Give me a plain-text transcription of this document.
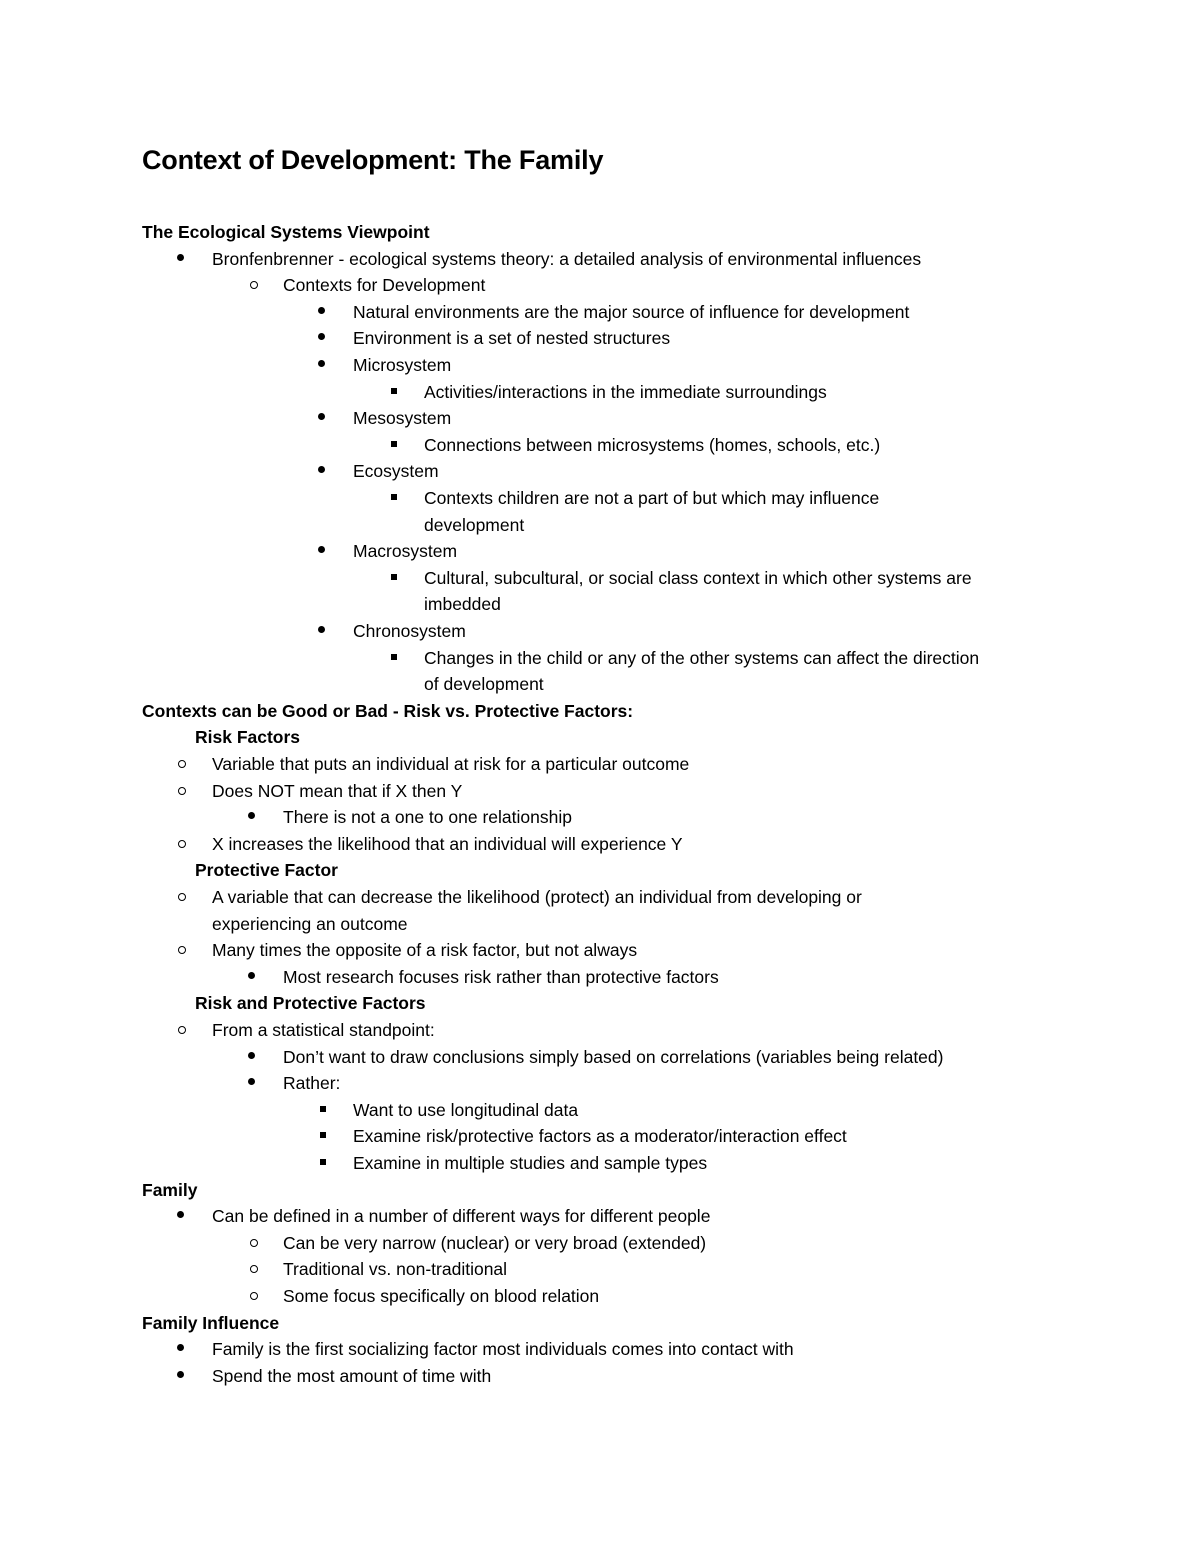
Context of Development: The Family
The Ecological Systems Viewpoint
Bronfenbrenner - ecological systems theory: a detailed analysis of environmental influences
Contexts for Development
Natural environments are the major source of influence for development
Environment is a set of nested structures
Microsystem
Activities/interactions in the immediate surroundings
Mesosystem
Connections between microsystems (homes, schools, etc.)
Ecosystem
Contexts children are not a part of but which may influence
development
Macrosystem
Cultural, subcultural, or social class context in which other systems are
imbedded
Chronosystem
Changes in the child or any of the other systems can affect the direction
of development
Contexts can be Good or Bad - Risk vs. Protective Factors:
Risk Factors
Variable that puts an individual at risk for a particular outcome
Does NOT mean that if X then Y
There is not a one to one relationship
X increases the likelihood that an individual will experience Y
Protective Factor
A variable that can decrease the likelihood (protect) an individual from developing or
experiencing an outcome
Many times the opposite of a risk factor, but not always
Most research focuses risk rather than protective factors
Risk and Protective Factors
From a statistical standpoint:
Don’t want to draw conclusions simply based on correlations (variables being related)
Rather:
Want to use longitudinal data
Examine risk/protective factors as a moderator/interaction effect
Examine in multiple studies and sample types
Family
Can be defined in a number of different ways for different people
Can be very narrow (nuclear) or very broad (extended)
Traditional vs. non-traditional
Some focus specifically on blood relation
Family Influence
Family is the first socializing factor most individuals comes into contact with
Spend the most amount of time with
